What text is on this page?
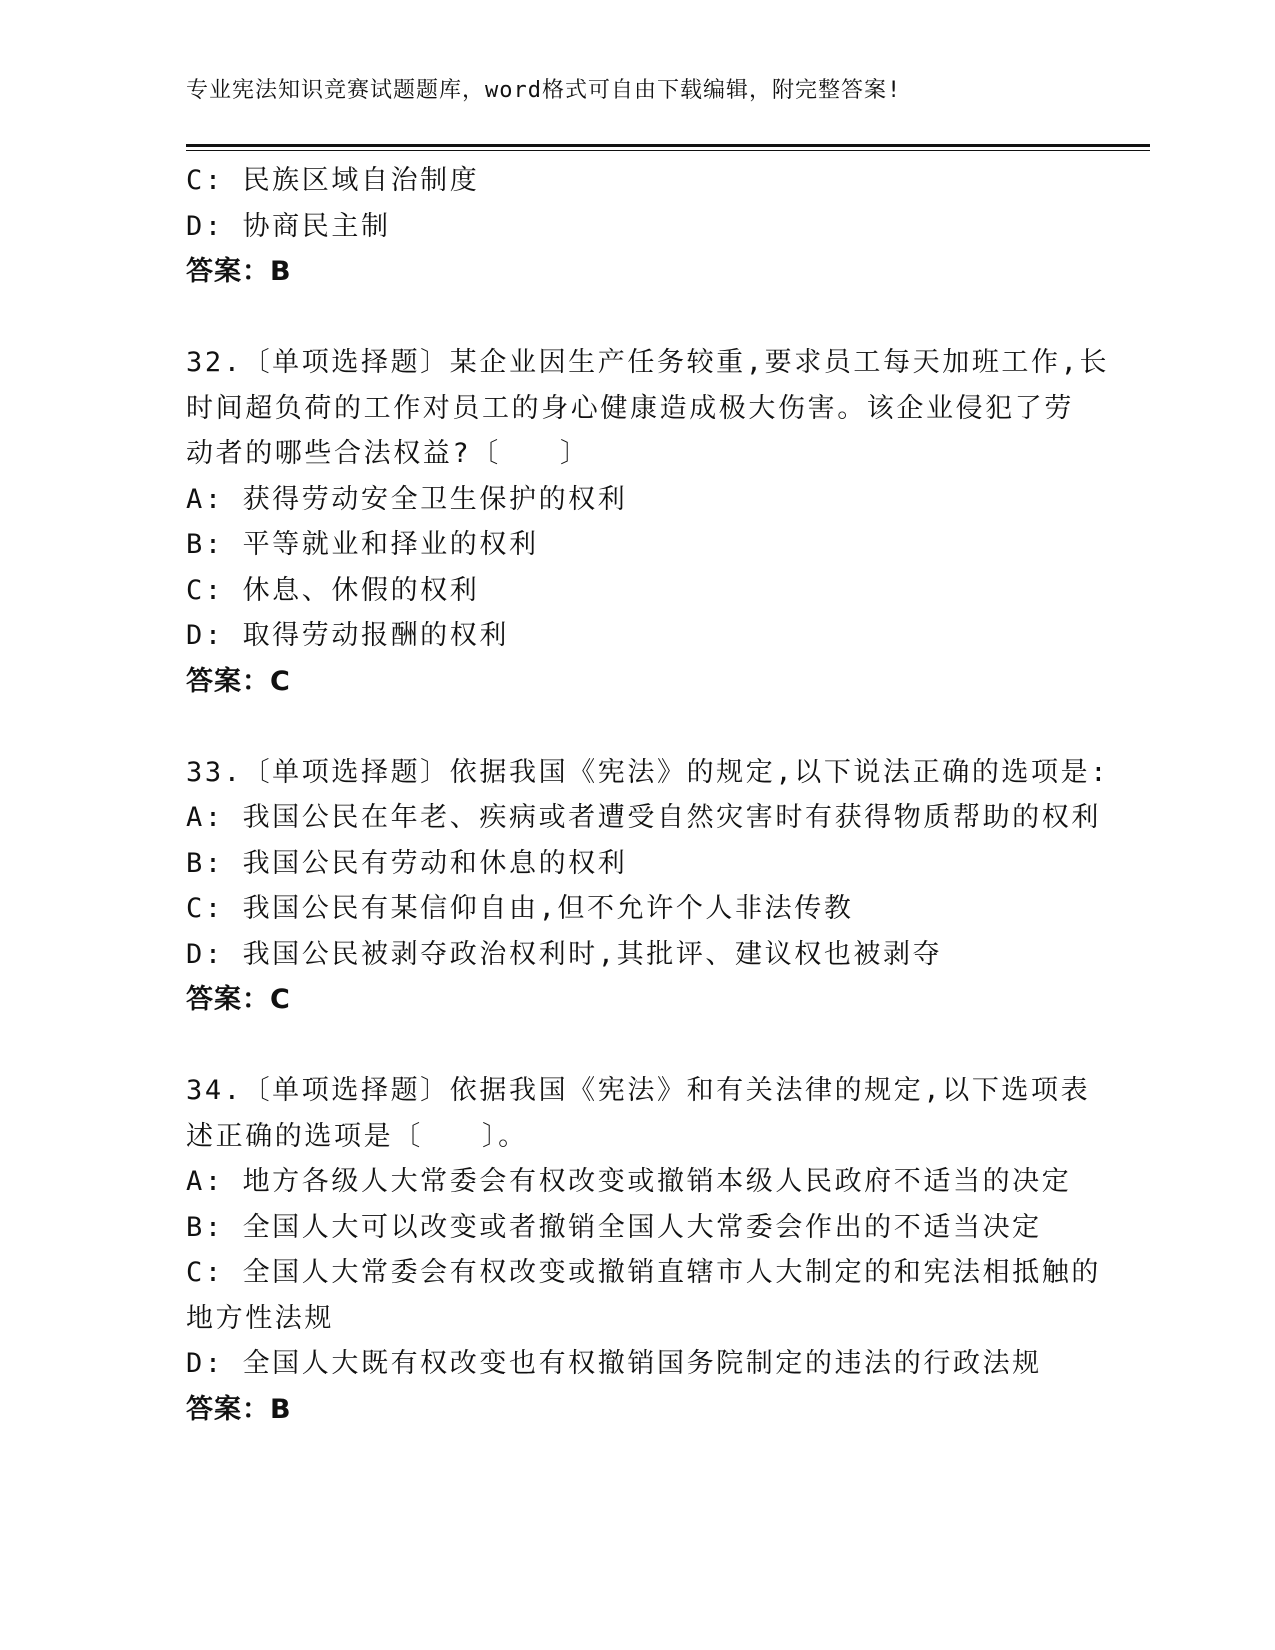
专业宪法知识竞赛试题题库，word格式可自由下载编辑，附完整答案!
C: 民族区域自治制度
D: 协商民主制
答案：B
32.〔单项选择题〕某企业因生产任务较重,要求员工每天加班工作,长
时间超负荷的工作对员工的身心健康造成极大伤害。该企业侵犯了劳
动者的哪些合法权益?〔　　〕
A: 获得劳动安全卫生保护的权利
B: 平等就业和择业的权利
C: 休息、休假的权利
D: 取得劳动报酬的权利
答案：C
33.〔单项选择题〕依据我国《宪法》的规定,以下说法正确的选项是:
A: 我国公民在年老、疾病或者遭受自然灾害时有获得物质帮助的权利
B: 我国公民有劳动和休息的权利
C: 我国公民有某信仰自由,但不允许个人非法传教
D: 我国公民被剥夺政治权利时,其批评、建议权也被剥夺
答案：C
34.〔单项选择题〕依据我国《宪法》和有关法律的规定,以下选项表
述正确的选项是〔　　〕。
A: 地方各级人大常委会有权改变或撤销本级人民政府不适当的决定
B: 全国人大可以改变或者撤销全国人大常委会作出的不适当决定
C: 全国人大常委会有权改变或撤销直辖市人大制定的和宪法相抵触的
地方性法规
D: 全国人大既有权改变也有权撤销国务院制定的违法的行政法规
答案：B
